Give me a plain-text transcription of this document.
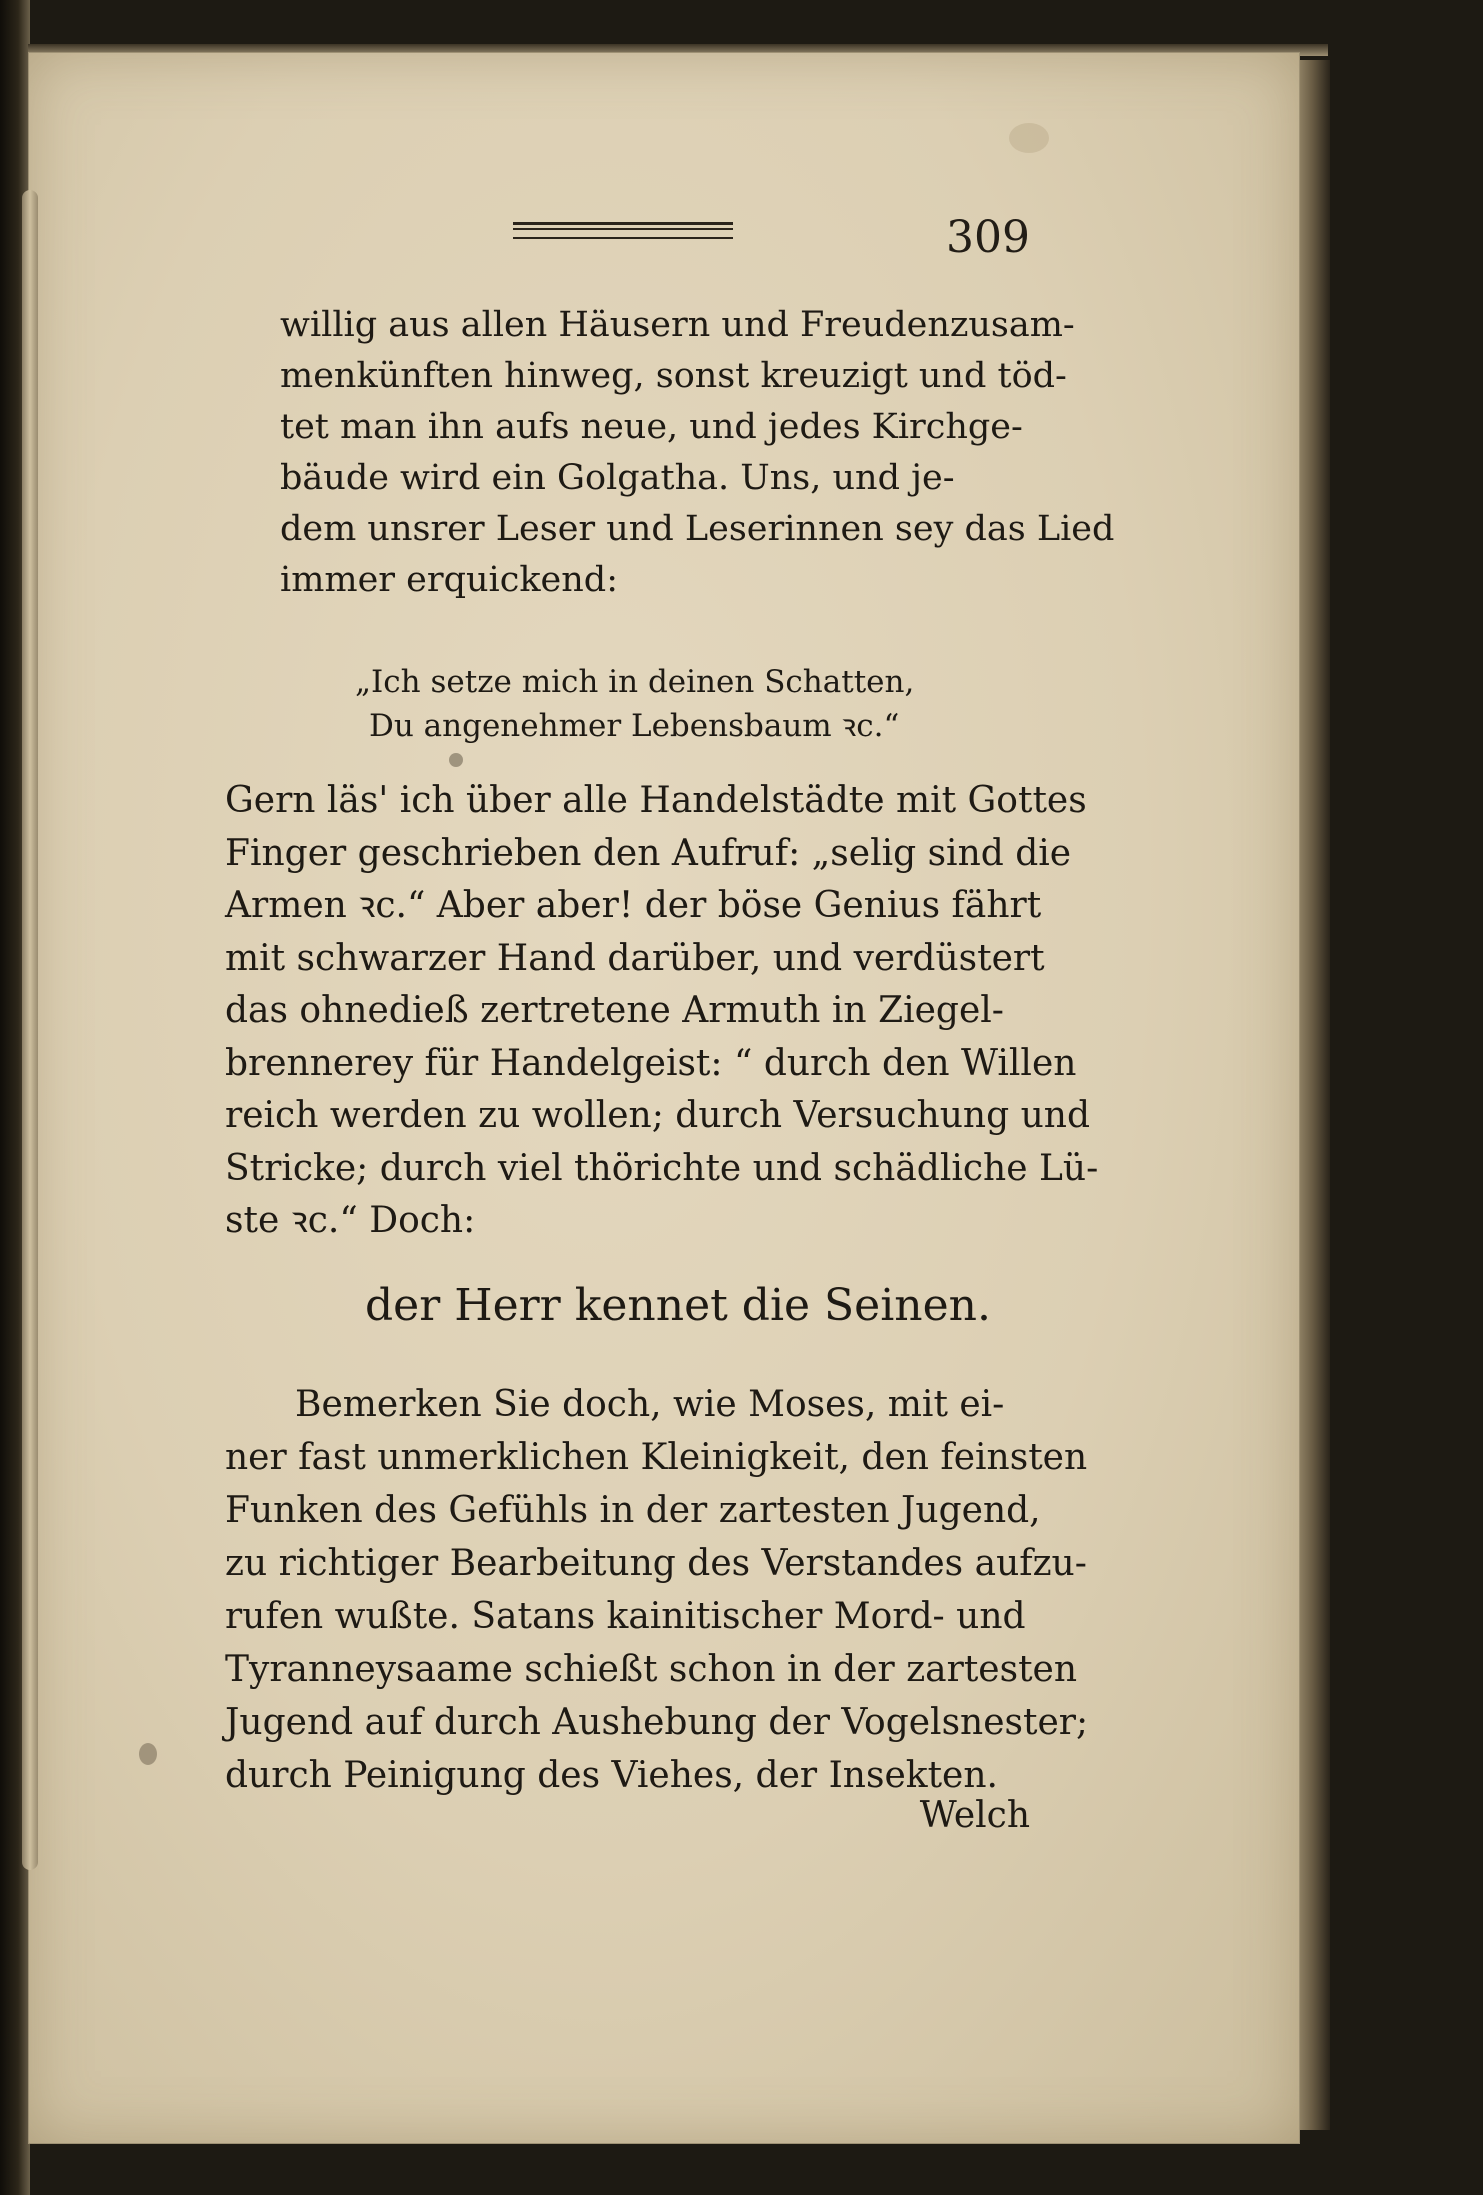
309
willig aus allen Häusern und Freudenzusam-
menkünften hinweg, sonst kreuzigt und töd-
tet man ihn aufs neue, und jedes Kirchge-
bäude wird ein Golgatha. Uns, und je-
dem unsrer Leser und Leserinnen sey das Lied
immer erquickend:
„Ich setze mich in deinen Schatten,
Du angenehmer Lebensbaum ꝛc.“
Gern läs' ich über alle Handelstädte mit Gottes
Finger geschrieben den Aufruf: „selig sind die
Armen ꝛc.“ Aber aber! der böse Genius fährt
mit schwarzer Hand darüber, und verdüstert
das ohnedieß zertretene Armuth in Ziegel-
brennerey für Handelgeist: “ durch den Willen
reich werden zu wollen; durch Versuchung und
Stricke; durch viel thörichte und schädliche Lü-
ste ꝛc.“ Doch:
der Herr kennet die Seinen.
Bemerken Sie doch, wie Moses, mit ei-
ner fast unmerklichen Kleinigkeit, den feinsten
Funken des Gefühls in der zartesten Jugend,
zu richtiger Bearbeitung des Verstandes aufzu-
rufen wußte. Satans kainitischer Mord- und
Tyranneysaame schießt schon in der zartesten
Jugend auf durch Aushebung der Vogelsnester;
durch Peinigung des Viehes, der Insekten.
Welch
